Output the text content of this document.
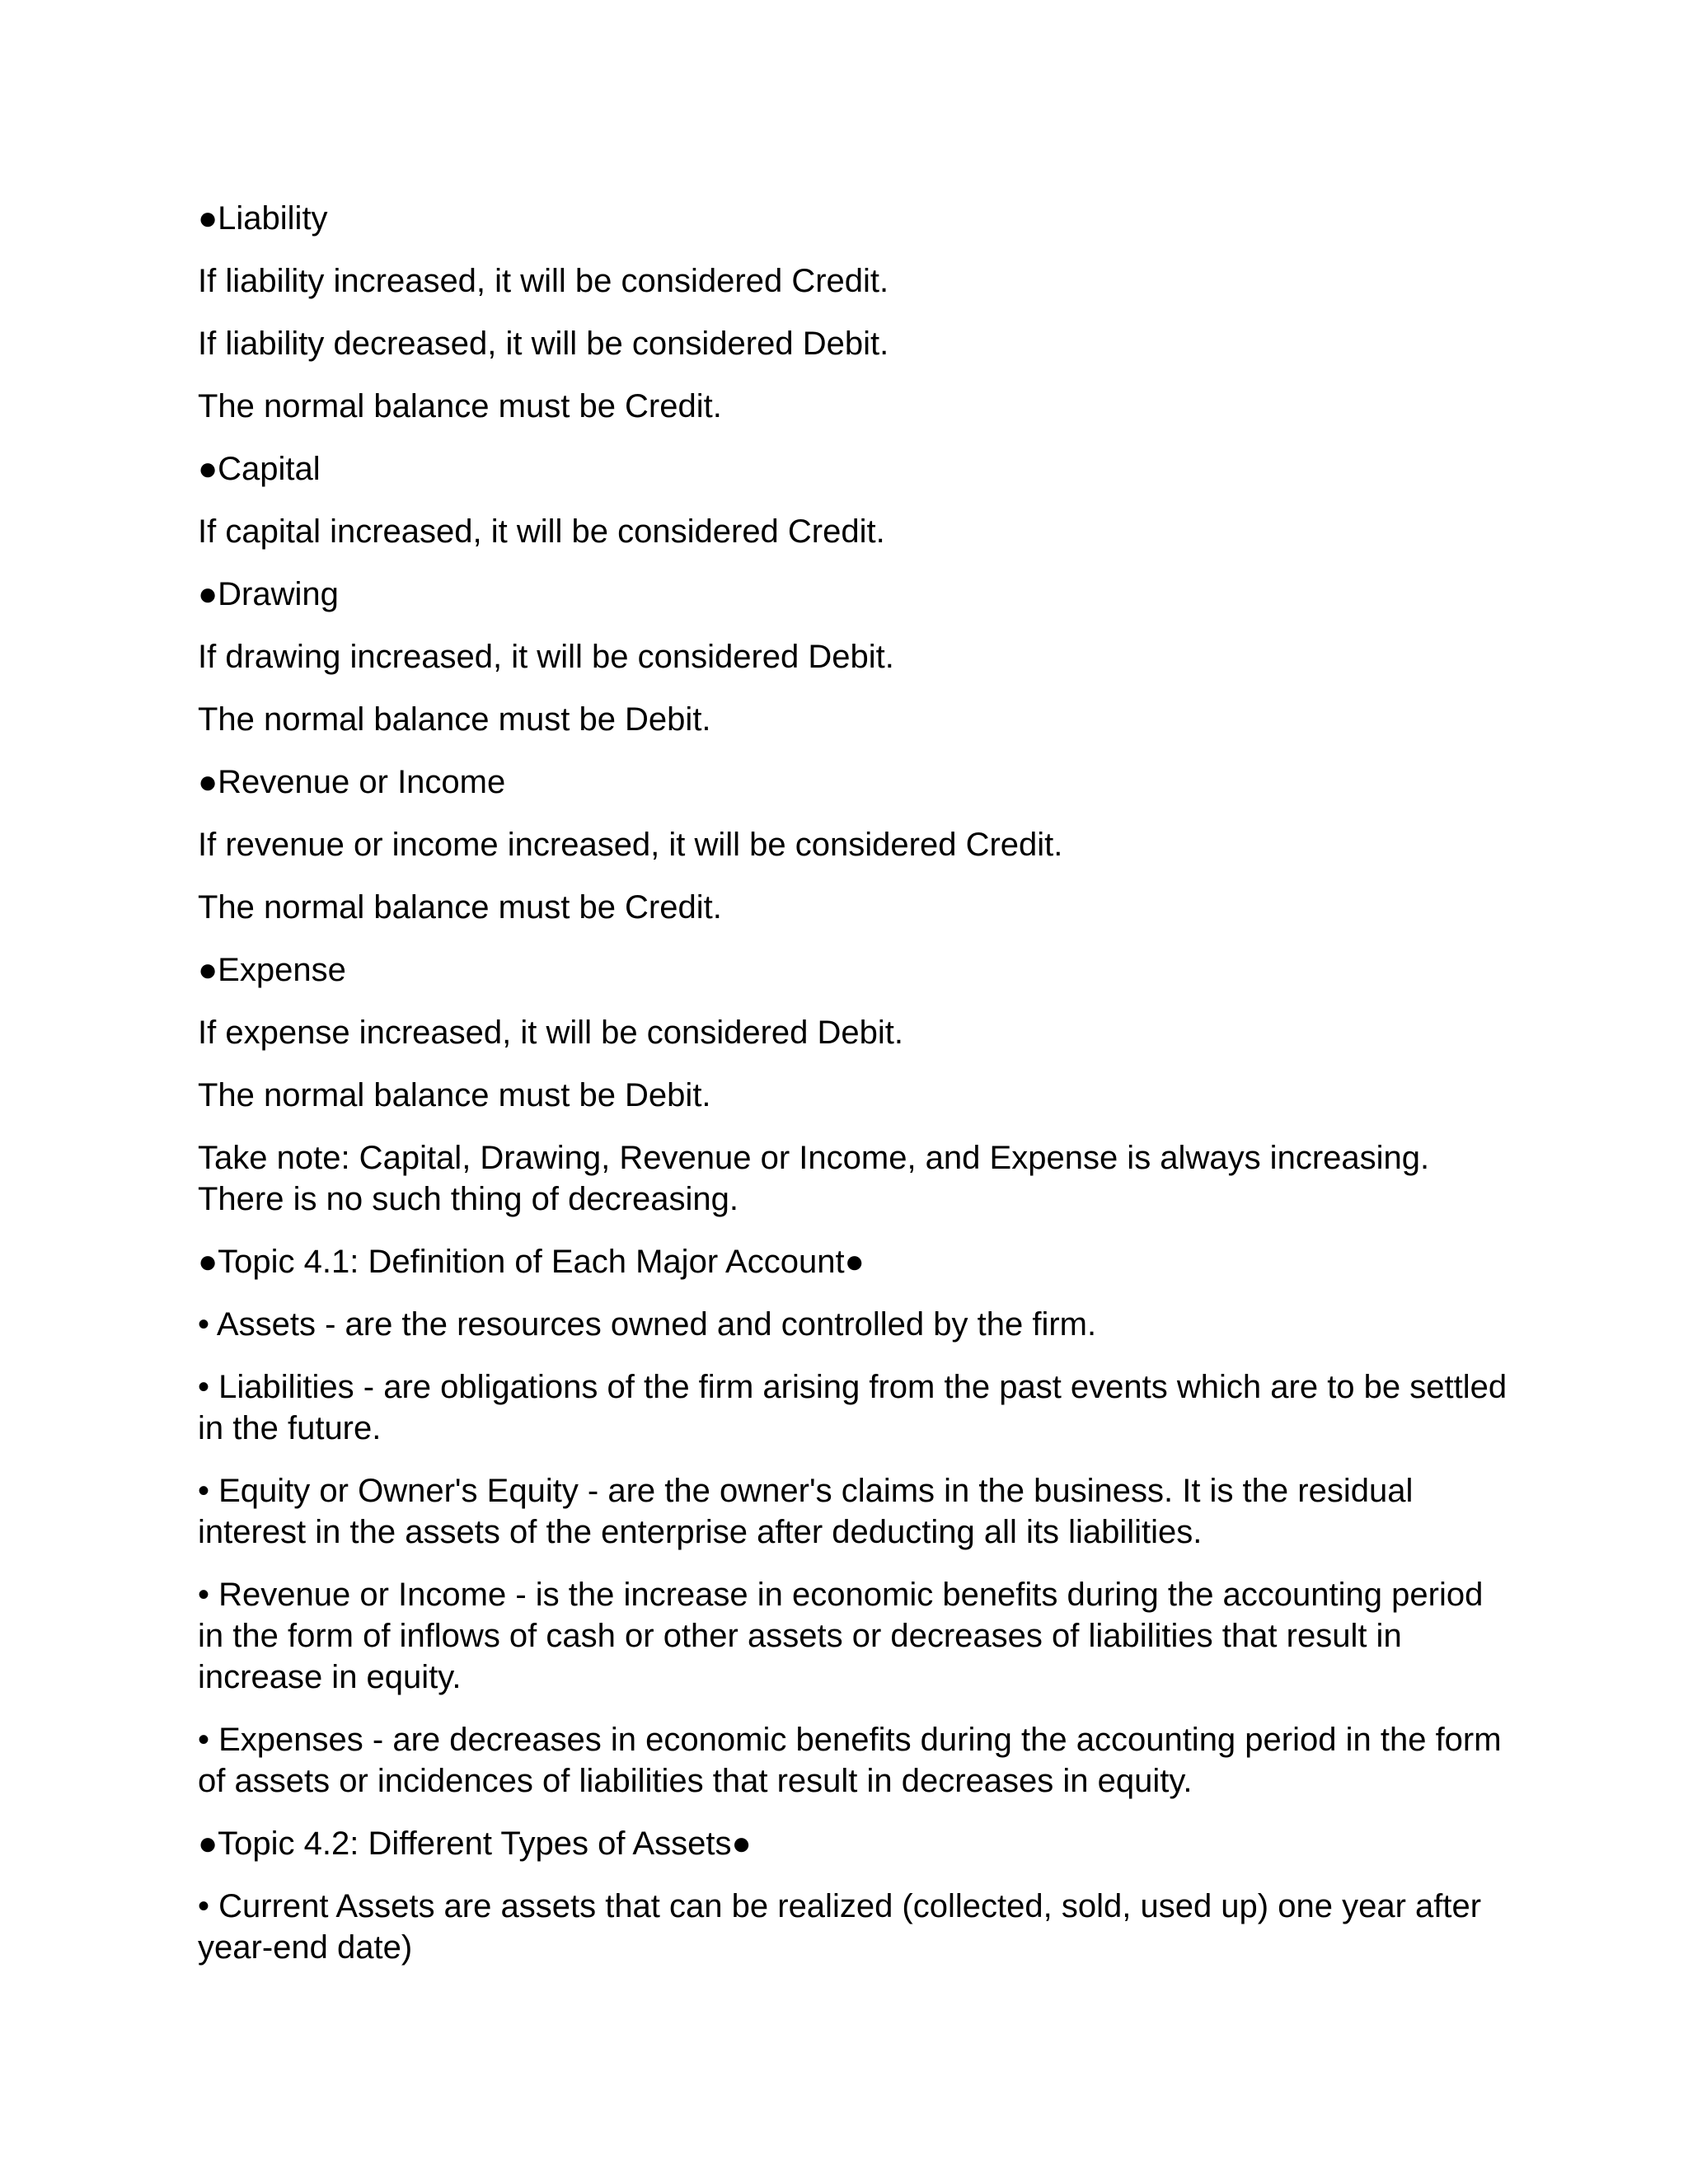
●Liability

If liability increased, it will be considered Credit.

If liability decreased, it will be considered Debit.

The normal balance must be Credit.

●Capital

If capital increased, it will be considered Credit.

●Drawing

If drawing increased, it will be considered Debit.

The normal balance must be Debit.

●Revenue or Income

If revenue or income increased, it will be considered Credit.

The normal balance must be Credit.

●Expense

If expense increased, it will be considered Debit.

The normal balance must be Debit.

Take note: Capital, Drawing, Revenue or Income, and Expense is always increasing. There is no such thing of decreasing.

●Topic 4.1: Definition of Each Major Account●

• Assets - are the resources owned and controlled by the firm.

• Liabilities - are obligations of the firm arising from the past events which are to be settled in the future.

• Equity or Owner's Equity - are the owner's claims in the business. It is the residual interest in the assets of the enterprise after deducting all its liabilities.

• Revenue or Income - is the increase in economic benefits during the accounting period in the form of inflows of cash or other assets or decreases of liabilities that result in increase in equity.

• Expenses - are decreases in economic benefits during the accounting period in the form of assets or incidences of liabilities that result in decreases in equity.

●Topic 4.2: Different Types of Assets●

• Current Assets are assets that can be realized (collected, sold, used up) one year after year-end date)
